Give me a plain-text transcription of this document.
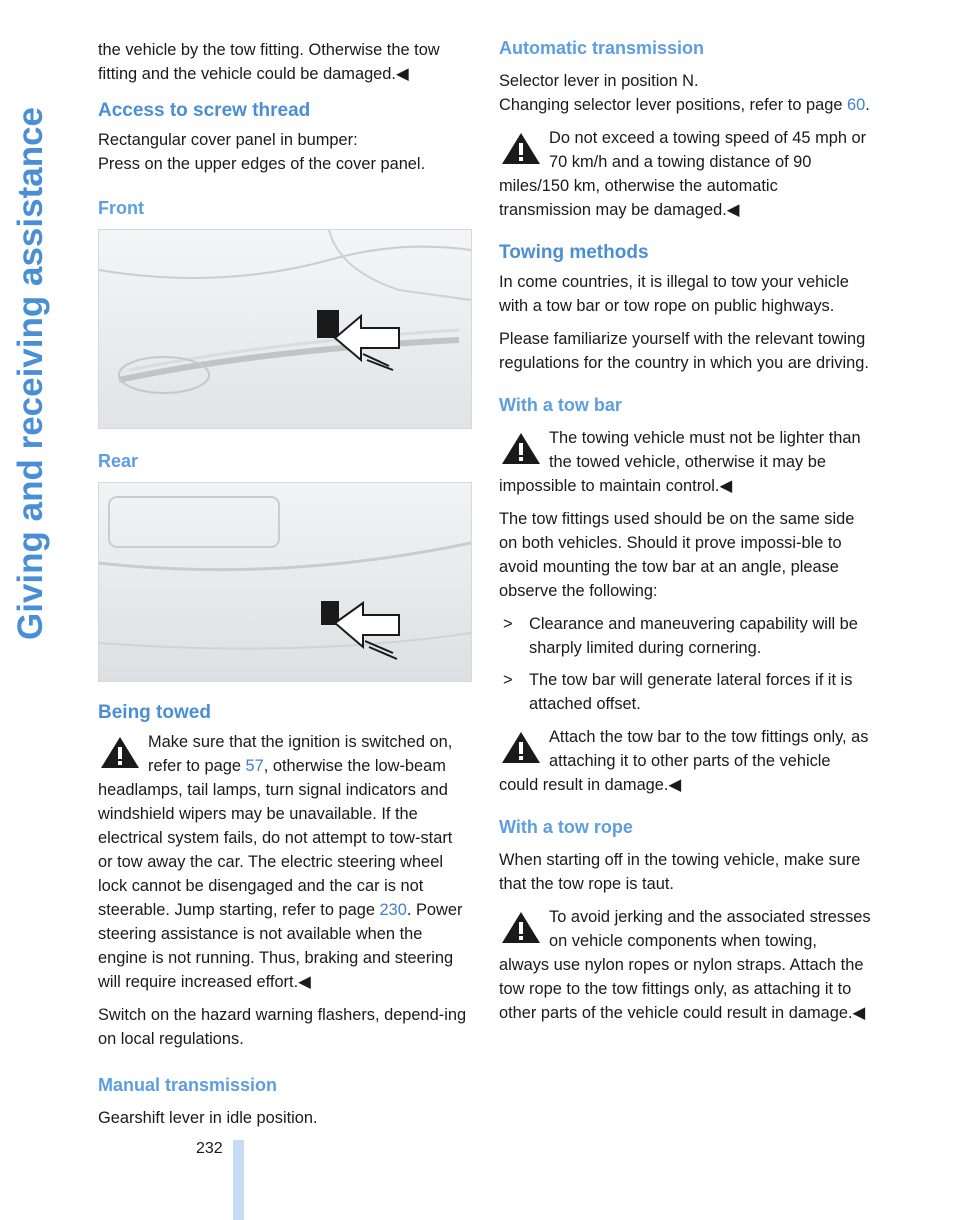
Giving and receiving assistance

the vehicle by the tow fitting. Otherwise the tow fitting and the vehicle could be damaged.◀

Access to screw thread

Rectangular cover panel in bumper:
Press on the upper edges of the cover panel.

Front
Rear
Being towed
Make sure that the ignition is switched on, refer to page 57, otherwise the low-beam headlamps, tail lamps, turn signal indicators and windshield wipers may be unavailable. If the electrical system fails, do not attempt to tow-start or tow away the car. The electric steering wheel lock cannot be disengaged and the car is not steerable. Jump starting, refer to page 230. Power steering assistance is not available when the engine is not running. Thus, braking and steering will require increased effort.◀

Switch on the hazard warning flashers, depend-ing on local regulations.

Manual transmission

Gearshift lever in idle position.

Automatic transmission

Selector lever in position N.
Changing selector lever positions, refer to page 60.

Do not exceed a towing speed of 45 mph or 70 km/h and a towing distance of 90 miles/150 km, otherwise the automatic transmission may be damaged.◀
Towing methods

In come countries, it is illegal to tow your vehicle with a tow bar or tow rope on public highways.

Please familiarize yourself with the relevant towing regulations for the country in which you are driving.

With a tow bar
The towing vehicle must not be lighter than the towed vehicle, otherwise it may be impossible to maintain control.◀

The tow fittings used should be on the same side on both vehicles. Should it prove impossi-ble to avoid mounting the tow bar at an angle, please observe the following:

> Clearance and maneuvering capability will be sharply limited during cornering.
> The tow bar will generate lateral forces if it is attached offset.
Attach the tow bar to the tow fittings only, as attaching it to other parts of the vehicle could result in damage.◀
With a tow rope

When starting off in the towing vehicle, make sure that the tow rope is taut.

To avoid jerking and the associated stresses on vehicle components when towing, always use nylon ropes or nylon straps. Attach the tow rope to the tow fittings only, as attaching it to other parts of the vehicle could result in damage.◀
232
